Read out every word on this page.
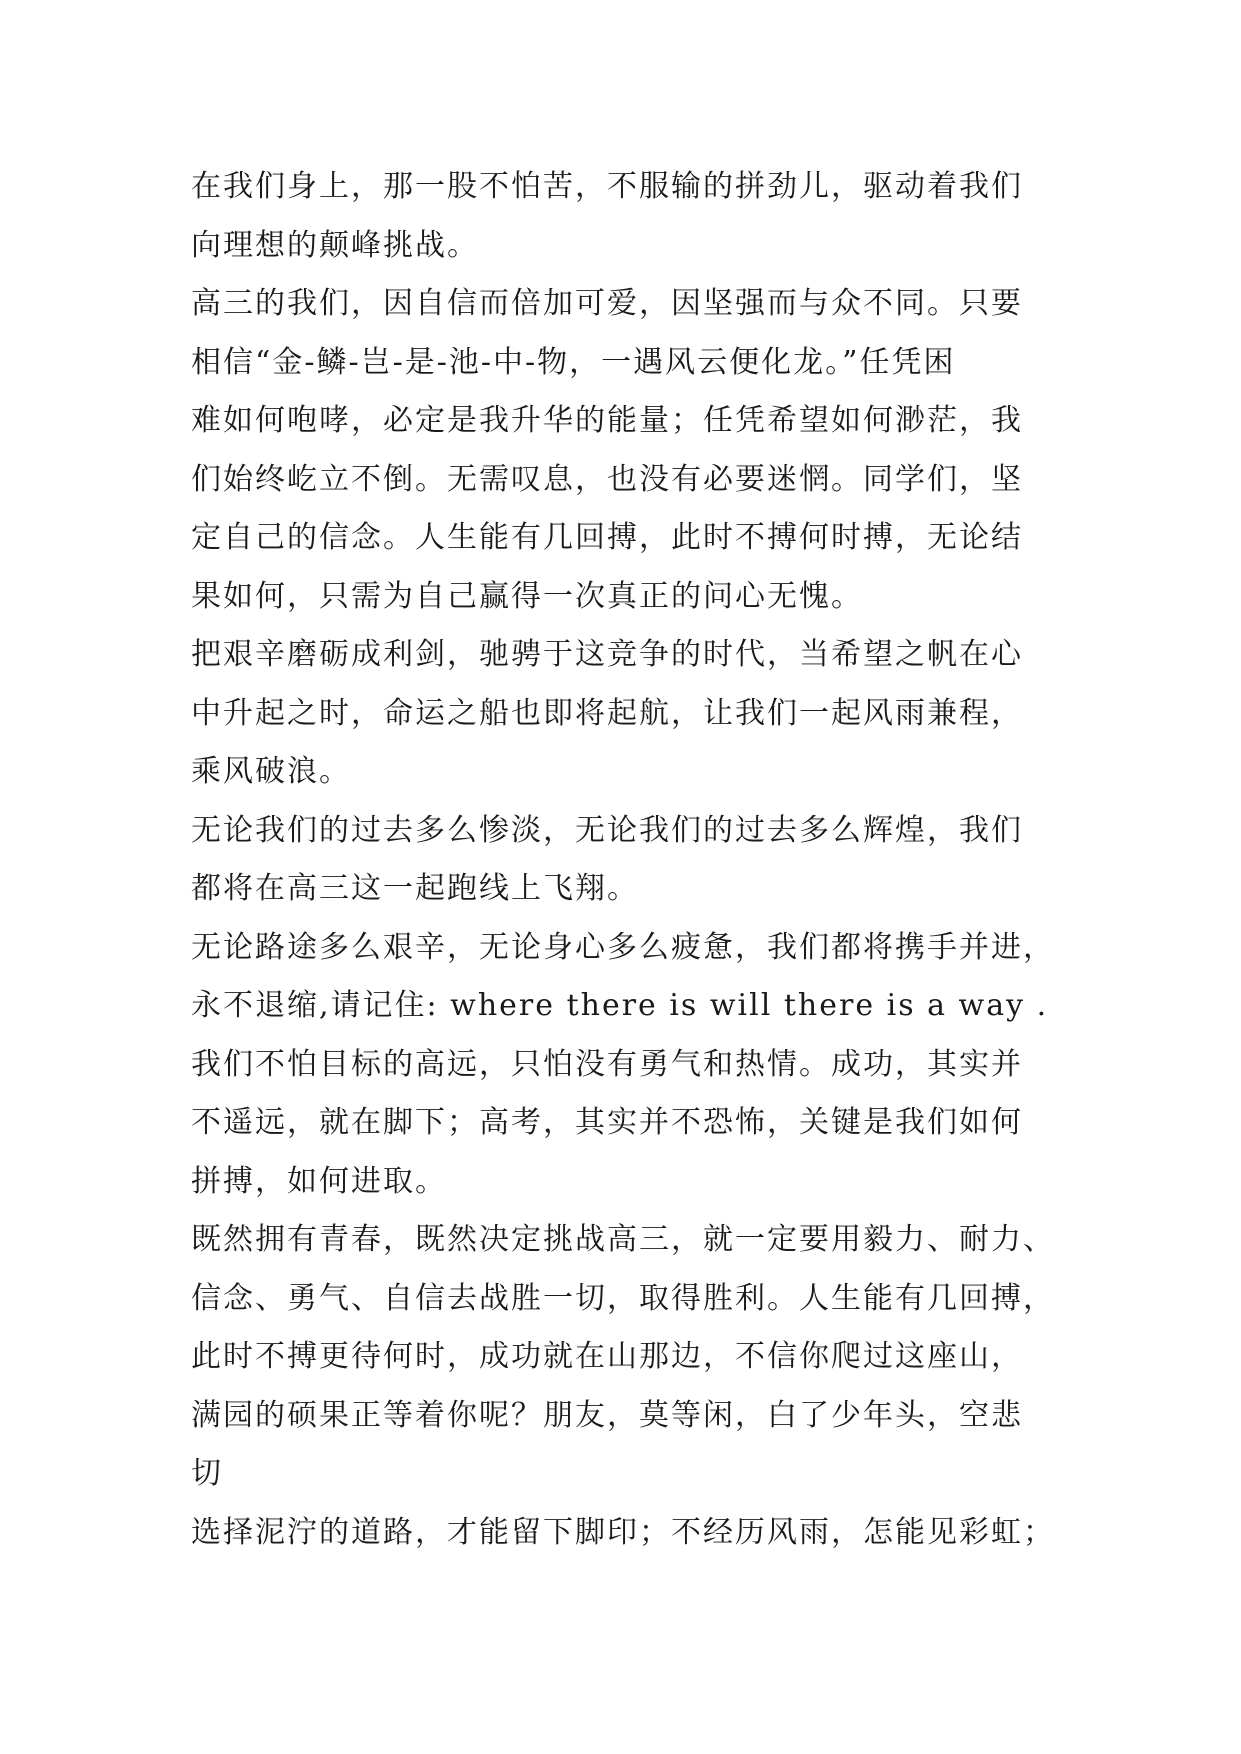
在我们身上，那一股不怕苦，不服输的拼劲儿，驱动着我们
向理想的颠峰挑战。
高三的我们，因自信而倍加可爱，因坚强而与众不同。只要
相信“金-鳞-岂-是-池-中-物，一遇风云便化龙。”任凭困
难如何咆哮，必定是我升华的能量；任凭希望如何渺茫，我
们始终屹立不倒。无需叹息，也没有必要迷惘。同学们，坚
定自己的信念。人生能有几回搏，此时不搏何时搏，无论结
果如何，只需为自己赢得一次真正的问心无愧。
把艰辛磨砺成利剑，驰骋于这竞争的时代，当希望之帆在心
中升起之时，命运之船也即将起航，让我们一起风雨兼程，
乘风破浪。
无论我们的过去多么惨淡，无论我们的过去多么辉煌，我们
都将在高三这一起跑线上飞翔。
无论路途多么艰辛，无论身心多么疲惫，我们都将携手并进，
永不退缩,请记住: where there is will there is a way .
我们不怕目标的高远，只怕没有勇气和热情。成功，其实并
不遥远，就在脚下；高考，其实并不恐怖，关键是我们如何
拼搏，如何进取。
既然拥有青春，既然决定挑战高三，就一定要用毅力、耐力、
信念、勇气、自信去战胜一切，取得胜利。人生能有几回搏，
此时不搏更待何时，成功就在山那边，不信你爬过这座山，
满园的硕果正等着你呢？朋友，莫等闲，白了少年头，空悲
切
选择泥泞的道路，才能留下脚印；不经历风雨，怎能见彩虹；
